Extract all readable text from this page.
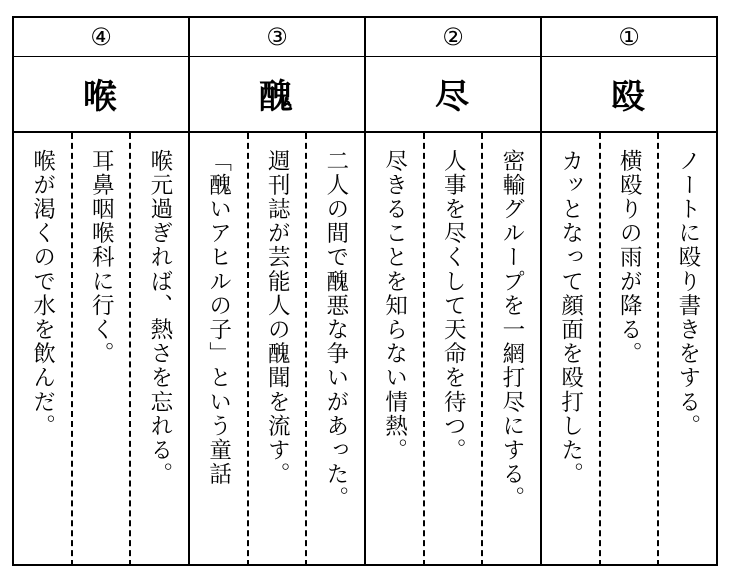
④
喉
喉元過ぎれば、熱さを忘れる。
耳鼻咽喉科に行く。
喉が渇くので水を飲んだ。
③
醜
二人の間で醜悪な争いがあった。
週刊誌が芸能人の醜聞を流す。
「醜いアヒルの子」という童話
②
尽
密輸グループを一網打尽にする。
人事を尽くして天命を待つ。
尽きることを知らない情熱。
①
殴
ノートに殴り書きをする。
横殴りの雨が降る。
カッとなって顔面を殴打した。
